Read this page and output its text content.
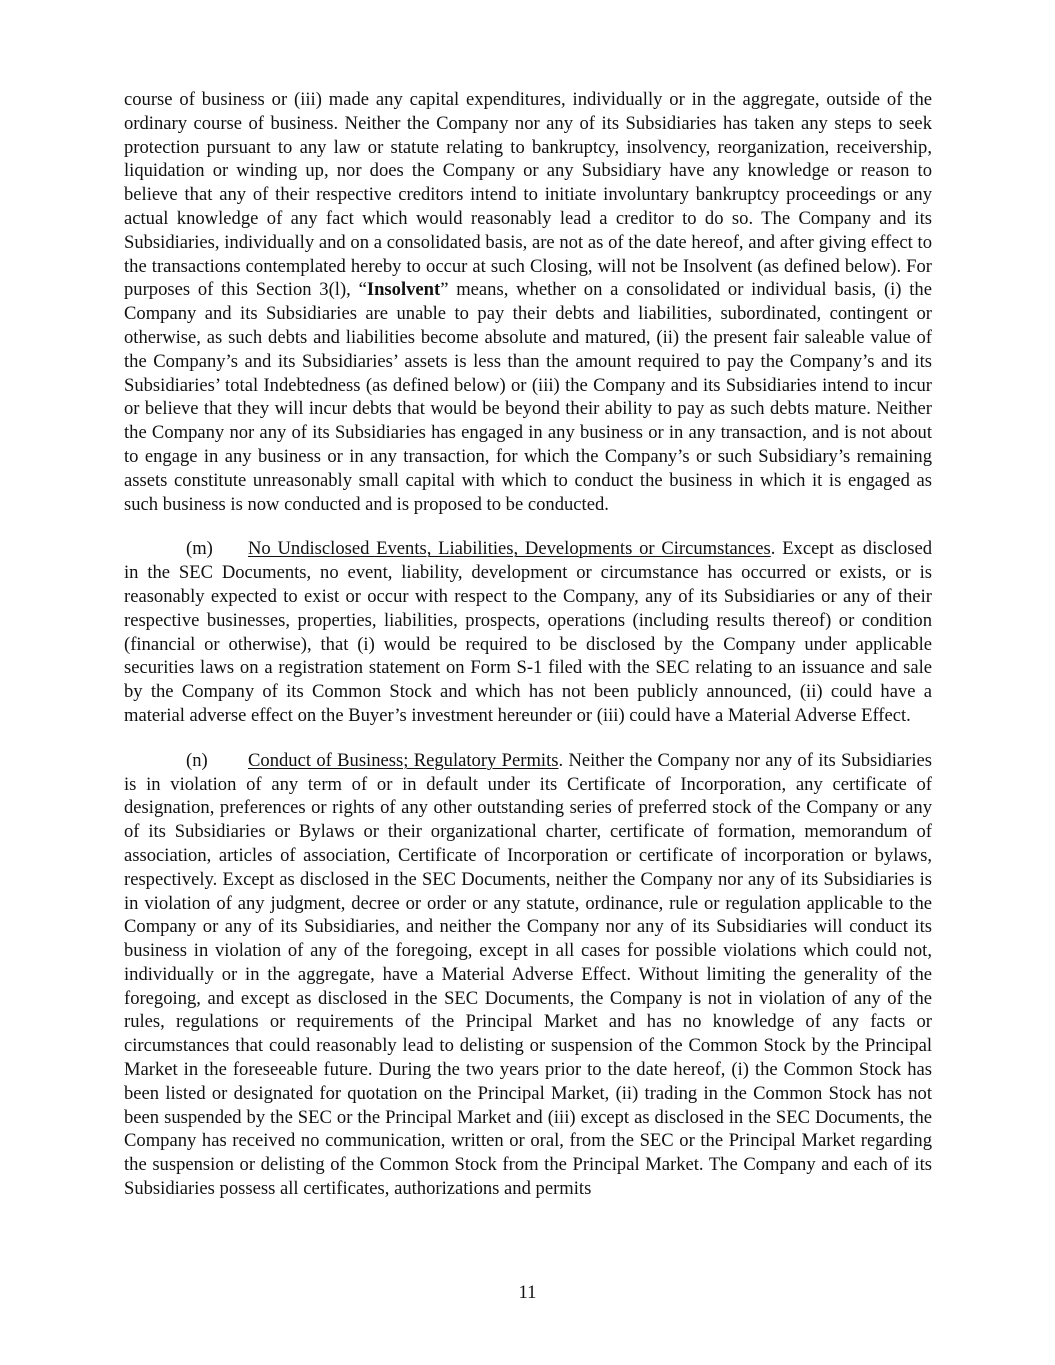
course of business or (iii) made any capital expenditures, individually or in the aggregate, outside of the ordinary course of business. Neither the Company nor any of its Subsidiaries has taken any steps to seek protection pursuant to any law or statute relating to bankruptcy, insolvency, reorganization, receivership, liquidation or winding up, nor does the Company or any Subsidiary have any knowledge or reason to believe that any of their respective creditors intend to initiate involuntary bankruptcy proceedings or any actual knowledge of any fact which would reasonably lead a creditor to do so. The Company and its Subsidiaries, individually and on a consolidated basis, are not as of the date hereof, and after giving effect to the transactions contemplated hereby to occur at such Closing, will not be Insolvent (as defined below). For purposes of this Section 3(l), “Insolvent” means, whether on a consolidated or individual basis, (i) the Company and its Subsidiaries are unable to pay their debts and liabilities, subordinated, contingent or otherwise, as such debts and liabilities become absolute and matured, (ii) the present fair saleable value of the Company’s and its Subsidiaries’ assets is less than the amount required to pay the Company’s and its Subsidiaries’ total Indebtedness (as defined below) or (iii) the Company and its Subsidiaries intend to incur or believe that they will incur debts that would be beyond their ability to pay as such debts mature. Neither the Company nor any of its Subsidiaries has engaged in any business or in any transaction, and is not about to engage in any business or in any transaction, for which the Company’s or such Subsidiary’s remaining assets constitute unreasonably small capital with which to conduct the business in which it is engaged as such business is now conducted and is proposed to be conducted.

(m) No Undisclosed Events, Liabilities, Developments or Circumstances. Except as disclosed in the SEC Documents, no event, liability, development or circumstance has occurred or exists, or is reasonably expected to exist or occur with respect to the Company, any of its Subsidiaries or any of their respective businesses, properties, liabilities, prospects, operations (including results thereof) or condition (financial or otherwise), that (i) would be required to be disclosed by the Company under applicable securities laws on a registration statement on Form S-1 filed with the SEC relating to an issuance and sale by the Company of its Common Stock and which has not been publicly announced, (ii) could have a material adverse effect on the Buyer’s investment hereunder or (iii) could have a Material Adverse Effect.

(n) Conduct of Business; Regulatory Permits. Neither the Company nor any of its Subsidiaries is in violation of any term of or in default under its Certificate of Incorporation, any certificate of designation, preferences or rights of any other outstanding series of preferred stock of the Company or any of its Subsidiaries or Bylaws or their organizational charter, certificate of formation, memorandum of association, articles of association, Certificate of Incorporation or certificate of incorporation or bylaws, respectively. Except as disclosed in the SEC Documents, neither the Company nor any of its Subsidiaries is in violation of any judgment, decree or order or any statute, ordinance, rule or regulation applicable to the Company or any of its Subsidiaries, and neither the Company nor any of its Subsidiaries will conduct its business in violation of any of the foregoing, except in all cases for possible violations which could not, individually or in the aggregate, have a Material Adverse Effect. Without limiting the generality of the foregoing, and except as disclosed in the SEC Documents, the Company is not in violation of any of the rules, regulations or requirements of the Principal Market and has no knowledge of any facts or circumstances that could reasonably lead to delisting or suspension of the Common Stock by the Principal Market in the foreseeable future. During the two years prior to the date hereof, (i) the Common Stock has been listed or designated for quotation on the Principal Market, (ii) trading in the Common Stock has not been suspended by the SEC or the Principal Market and (iii) except as disclosed in the SEC Documents, the Company has received no communication, written or oral, from the SEC or the Principal Market regarding the suspension or delisting of the Common Stock from the Principal Market. The Company and each of its Subsidiaries possess all certificates, authorizations and permits

11
